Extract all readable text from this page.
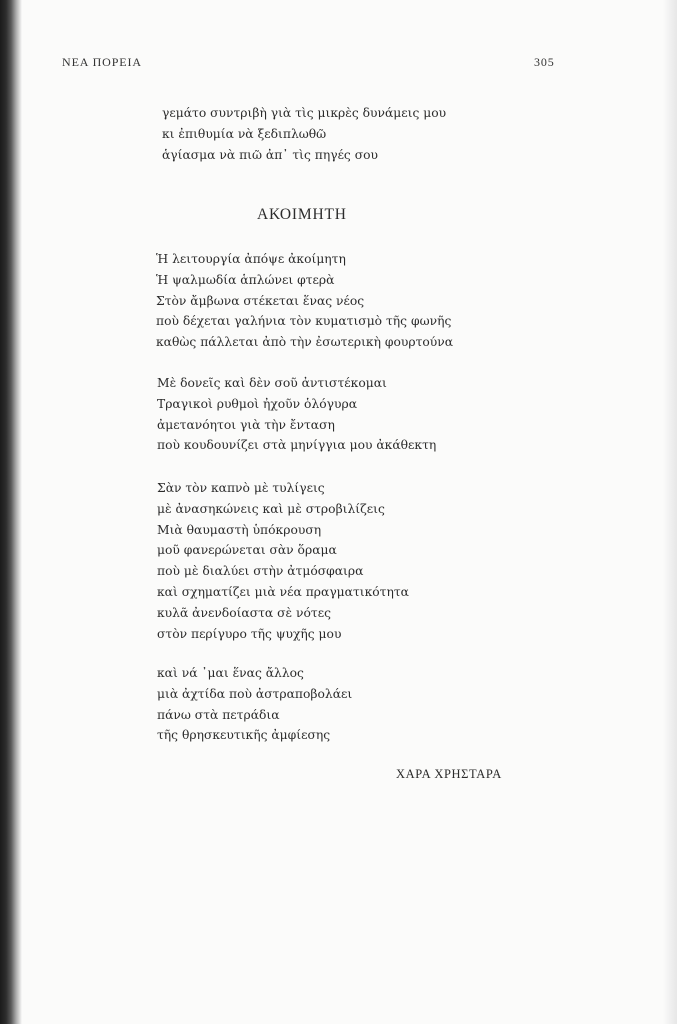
ΝΕΑ ΠΟΡΕΙΑ	305
γεμάτο συντριβὴ γιὰ τὶς μικρὲς δυνάμεις μου
κι ἐπιθυμία νὰ ξεδιπλωθῶ
ἁγίασμα νὰ πιῶ ἀπ᾽ τὶς πηγές σου
ΑΚΟΙΜΗΤΗ
Ἡ λειτουργία ἀπόψε ἀκοίμητη
Ἡ ψαλμωδία ἁπλώνει φτερὰ
Στὸν ἄμβωνα στέκεται ἕνας νέος
ποὺ δέχεται γαλήνια τὸν κυματισμὸ τῆς φωνῆς
καθὼς πάλλεται ἀπὸ τὴν ἐσωτερικὴ φουρτούνα
Μὲ δονεῖς καὶ δὲν σοῦ ἀντιστέκομαι
Τραγικοὶ ρυθμοὶ ἠχοῦν ὁλόγυρα
ἀμετανόητοι γιὰ τὴν ἔνταση
ποὺ κουδουνίζει στὰ μηνίγγια μου ἀκάθεκτη
Σὰν τὸν καπνὸ μὲ τυλίγεις
μὲ ἀνασηκώνεις καὶ μὲ στροβιλίζεις
Μιὰ θαυμαστὴ ὑπόκρουση
μοῦ φανερώνεται σὰν ὅραμα
ποὺ μὲ διαλύει στὴν ἀτμόσφαιρα
καὶ σχηματίζει μιὰ νέα πραγματικότητα
κυλᾶ ἀνενδοίαστα σὲ νότες
στὸν περίγυρο τῆς ψυχῆς μου
καὶ νά ᾽μαι ἕνας ἄλλος
μιὰ ἀχτίδα ποὺ ἀστραποβολάει
πάνω στὰ πετράδια
τῆς θρησκευτικῆς ἀμφίεσης
ΧΑΡΑ ΧΡΗΣΤΑΡΑ
